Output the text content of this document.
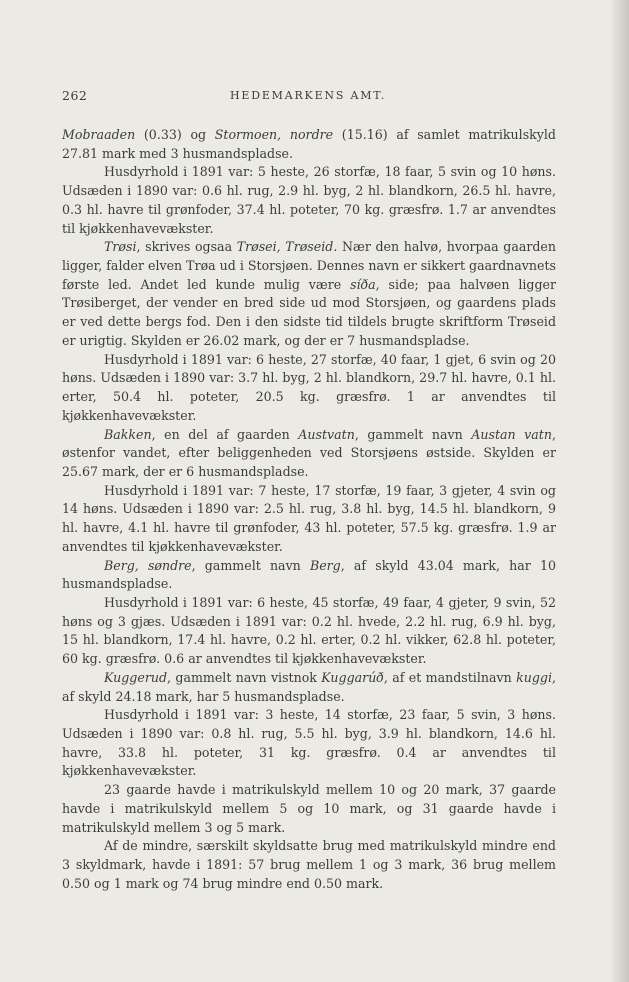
262	HEDEMARKENS AMT.

Mobraaden (0.33) og Stormoen, nordre (15.16) af samlet matrikulskyld 27.81 mark med 3 husmandspladse.

Husdyrhold i 1891 var: 5 heste, 26 storfæ, 18 faar, 5 svin og 10 høns. Udsæden i 1890 var: 0.6 hl. rug, 2.9 hl. byg, 2 hl. blandkorn, 26.5 hl. havre, 0.3 hl. havre til grønfoder, 37.4 hl. poteter, 70 kg. græsfrø. 1.7 ar anvendtes til kjøkkenhavevækster.

Trøsi, skrives ogsaa Trøsei, Trøseid. Nær den halvø, hvorpaa gaarden ligger, falder elven Trøa ud i Storsjøen. Dennes navn er sikkert gaardnavnets første led. Andet led kunde mulig være síða, side; paa halvøen ligger Trøsiberget, der vender en bred side ud mod Storsjøen, og gaardens plads er ved dette bergs fod. Den i den sidste tid tildels brugte skriftform Trøseid er urigtig. Skylden er 26.02 mark, og der er 7 husmandspladse.

Husdyrhold i 1891 var: 6 heste, 27 storfæ, 40 faar, 1 gjet, 6 svin og 20 høns. Udsæden i 1890 var: 3.7 hl. byg, 2 hl. blandkorn, 29.7 hl. havre, 0.1 hl. erter, 50.4 hl. poteter, 20.5 kg. græsfrø. 1 ar anvendtes til kjøkkenhavevækster.

Bakken, en del af gaarden Austvatn, gammelt navn Austan vatn, østenfor vandet, efter beliggenheden ved Storsjøens østside. Skylden er 25.67 mark, der er 6 husmandspladse.

Husdyrhold i 1891 var: 7 heste, 17 storfæ, 19 faar, 3 gjeter, 4 svin og 14 høns. Udsæden i 1890 var: 2.5 hl. rug, 3.8 hl. byg, 14.5 hl. blandkorn, 9 hl. havre, 4.1 hl. havre til grønfoder, 43 hl. poteter, 57.5 kg. græsfrø. 1.9 ar anvendtes til kjøkkenhavevækster.

Berg, søndre, gammelt navn Berg, af skyld 43.04 mark, har 10 husmandspladse.

Husdyrhold i 1891 var: 6 heste, 45 storfæ, 49 faar, 4 gjeter, 9 svin, 52 høns og 3 gjæs. Udsæden i 1891 var: 0.2 hl. hvede, 2.2 hl. rug, 6.9 hl. byg, 15 hl. blandkorn, 17.4 hl. havre, 0.2 hl. erter, 0.2 hl. vikker, 62.8 hl. poteter, 60 kg. græsfrø. 0.6 ar anvendtes til kjøkkenhavevækster.

Kuggerud, gammelt navn vistnok Kuggarúð, af et mandstilnavn kuggi, af skyld 24.18 mark, har 5 husmandspladse.

Husdyrhold i 1891 var: 3 heste, 14 storfæ, 23 faar, 5 svin, 3 høns. Udsæden i 1890 var: 0.8 hl. rug, 5.5 hl. byg, 3.9 hl. blandkorn, 14.6 hl. havre, 33.8 hl. poteter, 31 kg. græsfrø. 0.4 ar anvendtes til kjøkkenhavevækster.

23 gaarde havde i matrikulskyld mellem 10 og 20 mark, 37 gaarde havde i matrikulskyld mellem 5 og 10 mark, og 31 gaarde havde i matrikulskyld mellem 3 og 5 mark.

Af de mindre, særskilt skyldsatte brug med matrikulskyld mindre end 3 skyldmark, havde i 1891: 57 brug mellem 1 og 3 mark, 36 brug mellem 0.50 og 1 mark og 74 brug mindre end 0.50 mark.
